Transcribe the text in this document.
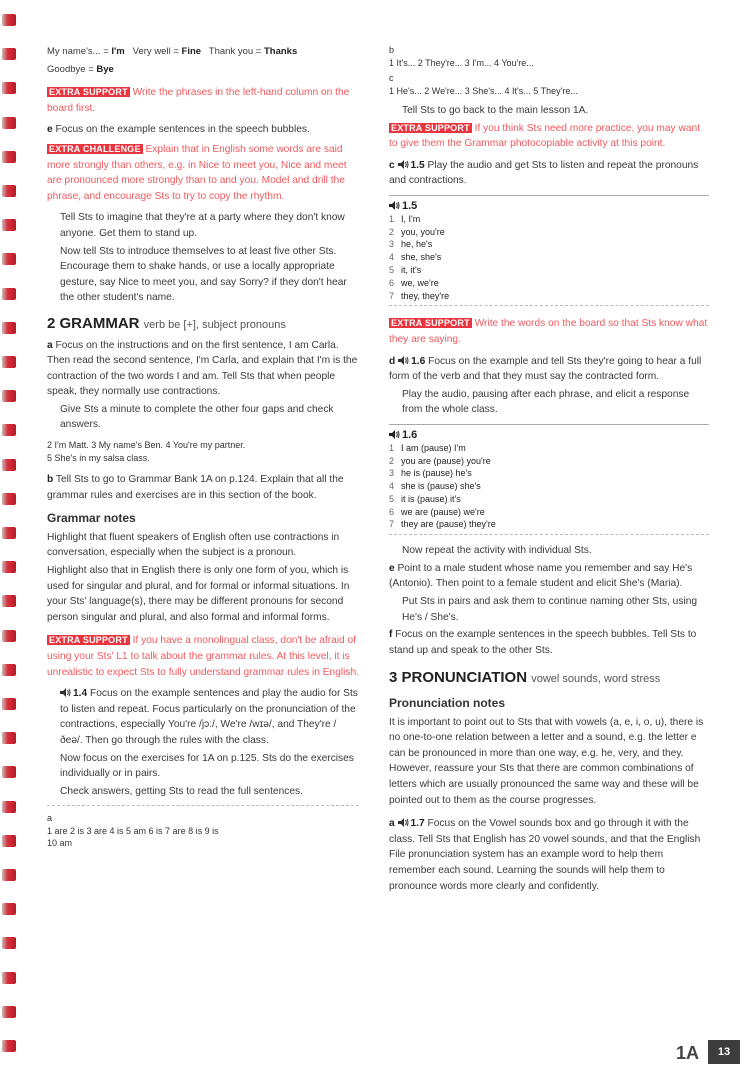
My name's... = I'm   Very well = Fine   Thank you = Thanks

Goodbye = Bye

EXTRA SUPPORT Write the phrases in the left-hand column on the board first.

e Focus on the example sentences in the speech bubbles.

EXTRA CHALLENGE Explain that in English some words are said more strongly than others, e.g. in Nice to meet you, Nice and meet are pronounced more strongly than to and you. Model and drill the phrase, and encourage Sts to try to copy the rhythm.

Tell Sts to imagine that they're at a party where they don't know anyone. Get them to stand up.

Now tell Sts to introduce themselves to at least five other Sts. Encourage them to shake hands, or use a locally appropriate gesture, say Nice to meet you, and say Sorry? if they don't hear the other student's name.

2 GRAMMAR verb be [+], subject pronouns

a Focus on the instructions and on the first sentence, I am Carla. Then read the second sentence, I'm Carla, and explain that I'm is the contraction of the two words I and am. Tell Sts that when people speak, they normally use contractions.

Give Sts a minute to complete the other four gaps and check answers.

2 I'm Matt. 3 My name's Ben. 4 You're my partner.
5 She's in my salsa class.

b Tell Sts to go to Grammar Bank 1A on p.124. Explain that all the grammar rules and exercises are in this section of the book.

Grammar notes

Highlight that fluent speakers of English often use contractions in conversation, especially when the subject is a pronoun.

Highlight also that in English there is only one form of you, which is used for singular and plural, and for formal or informal situations. In your Sts' language(s), there may be different pronouns for second person singular and plural, and also formal and informal forms.

EXTRA SUPPORT If you have a monolingual class, don't be afraid of using your Sts' L1 to talk about the grammar rules. At this level, it is unrealistic to expect Sts to fully understand grammar rules in English.

1.4 Focus on the example sentences and play the audio for Sts to listen and repeat. Focus particularly on the pronunciation of the contractions, especially You're /jɔː/, We're /wɪə/, and They're /ðeə/. Then go through the rules with the class.

Now focus on the exercises for 1A on p.125. Sts do the exercises individually or in pairs.

Check answers, getting Sts to read the full sentences.

a
1 are 2 is 3 are 4 is 5 am 6 is 7 are 8 is 9 is
10 am
b
1 It's... 2 They're... 3 I'm... 4 You're...
c
1 He's... 2 We're... 3 She's... 4 It's... 5 They're...

Tell Sts to go back to the main lesson 1A.

EXTRA SUPPORT If you think Sts need more practice, you may want to give them the Grammar photocopiable activity at this point.

c 1.5 Play the audio and get Sts to listen and repeat the pronouns and contractions.

1.5
1 I, I'm
2 you, you're
3 he, he's
4 she, she's
5 it, it's
6 we, we're
7 they, they're

EXTRA SUPPORT Write the words on the board so that Sts know what they are saying.

d 1.6 Focus on the example and tell Sts they're going to hear a full form of the verb and that they must say the contracted form.

Play the audio, pausing after each phrase, and elicit a response from the whole class.

1.6
1 I am (pause) I'm
2 you are (pause) you're
3 he is (pause) he's
4 she is (pause) she's
5 it is (pause) it's
6 we are (pause) we're
7 they are (pause) they're

Now repeat the activity with individual Sts.

e Point to a male student whose name you remember and say He's (Antonio). Then point to a female student and elicit She's (Maria).

Put Sts in pairs and ask them to continue naming other Sts, using He's / She's.

f Focus on the example sentences in the speech bubbles. Tell Sts to stand up and speak to the other Sts.

3 PRONUNCIATION vowel sounds, word stress
Pronunciation notes

It is important to point out to Sts that with vowels (a, e, i, o, u), there is no one-to-one relation between a letter and a sound, e.g. the letter e can be pronounced in more than one way, e.g. he, very, and they. However, reassure your Sts that there are common combinations of letters which are usually pronounced the same way and these will be pointed out to them as the course progresses.

a 1.7 Focus on the Vowel sounds box and go through it with the class. Tell Sts that English has 20 vowel sounds, and that the English File pronunciation system has an example word to help them remember each sound. Learning the sounds will help them to pronounce words more clearly and confidently.

1A	13
